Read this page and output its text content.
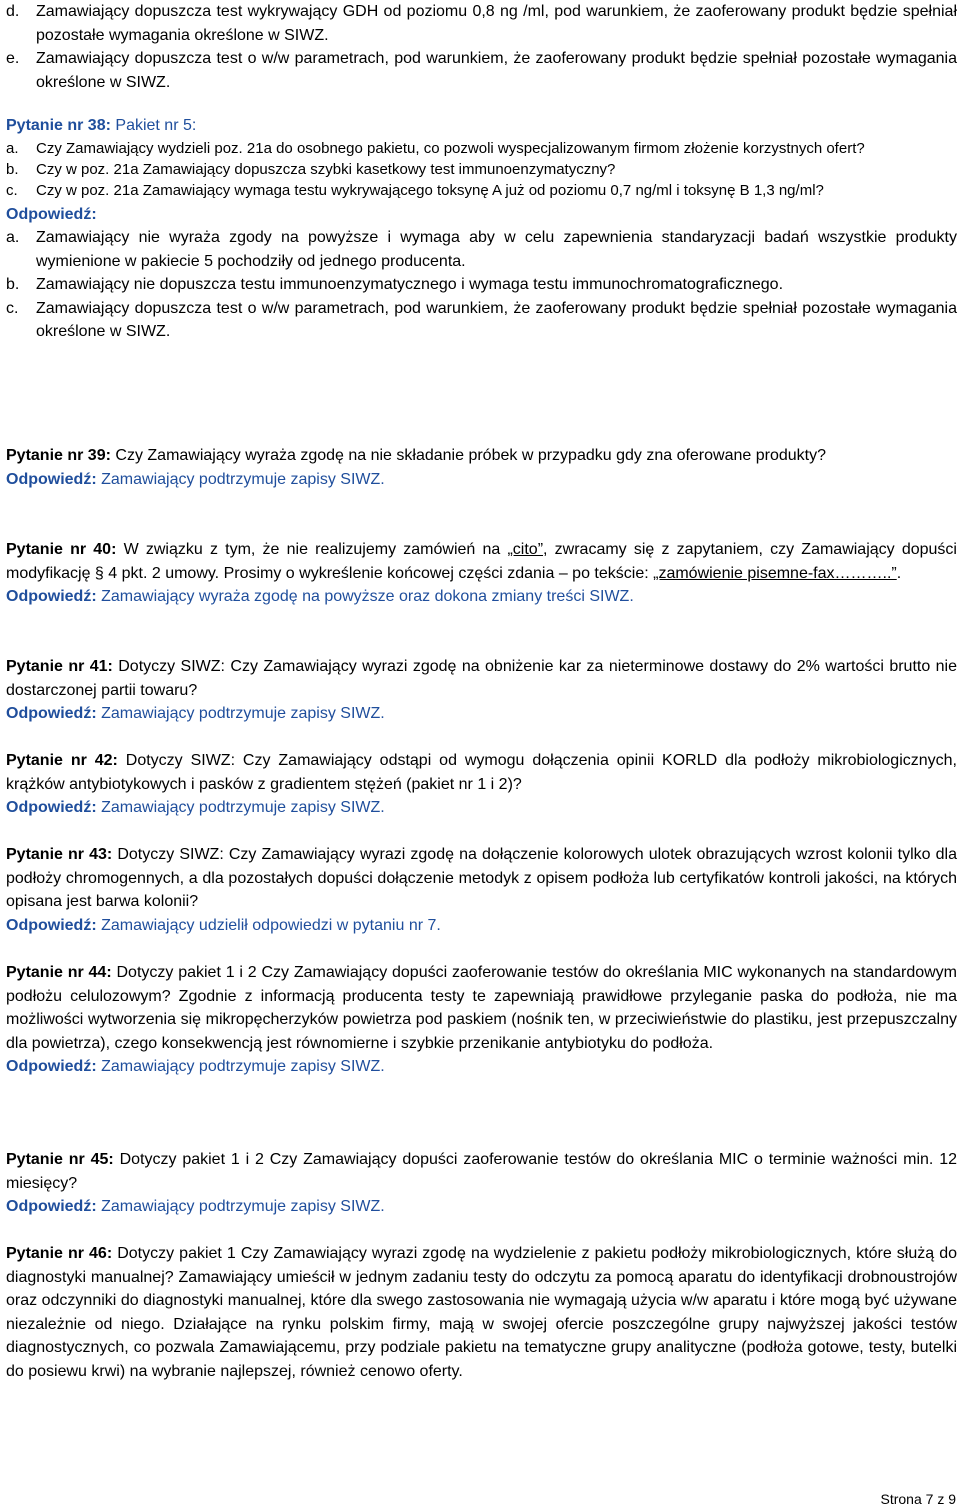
d.	Zamawiający dopuszcza test wykrywający GDH od poziomu 0,8 ng /ml, pod warunkiem, że zaoferowany produkt będzie spełniał pozostałe wymagania określone w SIWZ.
e.	Zamawiający dopuszcza test o w/w parametrach, pod warunkiem, że zaoferowany produkt będzie spełniał pozostałe wymagania określone w SIWZ.

Pytanie nr 38: Pakiet nr 5:

a.	Czy Zamawiający wydzieli poz. 21a do osobnego pakietu, co pozwoli wyspecjalizowanym firmom złożenie korzystnych ofert?
b.	Czy w poz. 21a Zamawiający dopuszcza szybki kasetkowy test immunoenzymatyczny?
c.	Czy w poz. 21a Zamawiający wymaga testu wykrywającego toksynę A już od poziomu 0,7 ng/ml i toksynę B 1,3 ng/ml?

Odpowiedź:

a.	Zamawiający nie wyraża zgody na powyższe i wymaga aby w celu zapewnienia standaryzacji badań wszystkie produkty wymienione w pakiecie 5 pochodziły od jednego producenta.
b.	Zamawiający nie dopuszcza testu immunoenzymatycznego i wymaga testu immunochromatograficznego.
c.	Zamawiający dopuszcza test o w/w parametrach, pod warunkiem, że zaoferowany produkt będzie spełniał pozostałe wymagania określone w SIWZ.

Pytanie nr 39: Czy Zamawiający wyraża zgodę na nie składanie próbek w przypadku gdy zna oferowane produkty?

Odpowiedź: Zamawiający podtrzymuje zapisy SIWZ.

Pytanie nr 40: W związku z tym, że nie realizujemy zamówień na „cito”, zwracamy się z zapytaniem, czy Zamawiający dopuści modyfikację § 4 pkt. 2 umowy. Prosimy o wykreślenie końcowej części zdania – po tekście: „zamówienie pisemne-fax………..”.

Odpowiedź: Zamawiający wyraża zgodę na powyższe oraz dokona zmiany treści SIWZ.

Pytanie nr 41: Dotyczy SIWZ: Czy Zamawiający wyrazi zgodę na obniżenie kar za nieterminowe dostawy do 2% wartości brutto nie dostarczonej partii towaru?

Odpowiedź: Zamawiający podtrzymuje zapisy SIWZ.

Pytanie nr 42: Dotyczy SIWZ: Czy Zamawiający odstąpi od wymogu dołączenia opinii KORLD dla podłoży mikrobiologicznych, krążków antybiotykowych i pasków z gradientem stężeń (pakiet nr 1 i 2)?

Odpowiedź: Zamawiający podtrzymuje zapisy SIWZ.

Pytanie nr 43: Dotyczy SIWZ: Czy Zamawiający wyrazi zgodę na dołączenie kolorowych ulotek obrazujących wzrost kolonii tylko dla podłoży chromogennych, a dla pozostałych dopuści dołączenie metodyk z opisem podłoża lub certyfikatów kontroli jakości, na których opisana jest barwa kolonii?

Odpowiedź: Zamawiający udzielił odpowiedzi w pytaniu nr 7.

Pytanie nr 44: Dotyczy pakiet 1 i 2 Czy Zamawiający dopuści zaoferowanie testów do określania MIC wykonanych na standardowym podłożu celulozowym? Zgodnie z informacją producenta testy te zapewniają prawidłowe przyleganie paska do podłoża, nie ma możliwości wytworzenia się mikropęcherzyków powietrza pod paskiem (nośnik ten, w przeciwieństwie do plastiku, jest przepuszczalny dla powietrza), czego konsekwencją jest równomierne i szybkie przenikanie antybiotyku do podłoża.

Odpowiedź: Zamawiający podtrzymuje zapisy SIWZ.

Pytanie nr 45: Dotyczy pakiet 1 i 2 Czy Zamawiający dopuści zaoferowanie testów do określania MIC o terminie ważności min. 12 miesięcy?

Odpowiedź: Zamawiający podtrzymuje zapisy SIWZ.

Pytanie nr 46: Dotyczy pakiet 1 Czy Zamawiający wyrazi zgodę na wydzielenie z pakietu podłoży mikrobiologicznych, które służą do diagnostyki manualnej? Zamawiający umieścił w jednym zadaniu testy do odczytu za pomocą aparatu do identyfikacji drobnoustrojów oraz odczynniki do diagnostyki manualnej, które dla swego zastosowania nie wymagają użycia w/w aparatu i które mogą być używane niezależnie od niego. Działające na rynku polskim firmy, mają w swojej ofercie poszczególne grupy najwyższej jakości testów diagnostycznych, co pozwala Zamawiającemu, przy podziale pakietu na tematyczne grupy analityczne (podłoża gotowe, testy, butelki do posiewu krwi) na wybranie najlepszej, również cenowo oferty.

Strona 7 z 9
